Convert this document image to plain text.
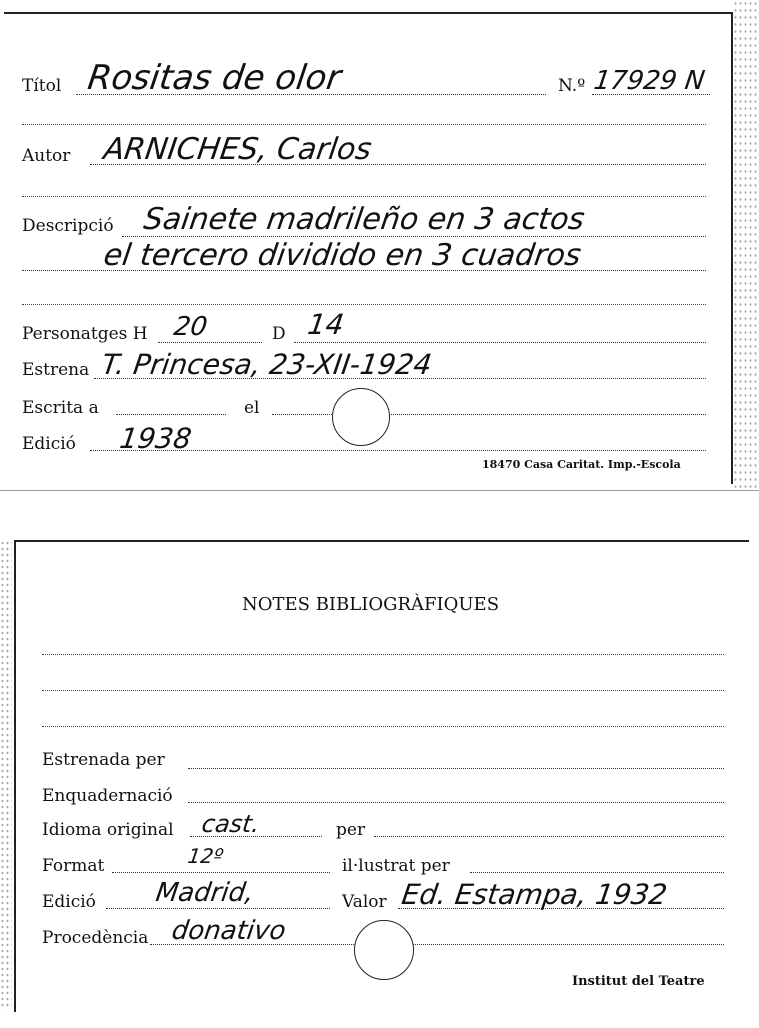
Títol Rositas de olor	N.º 17929 N
Autor ARNICHES, Carlos
Descripció Sainete madrileño en 3 actos
el tercero dividido en 3 cuadros
Personatges H 20	D 14
Estrena T. Princesa, 23-XII-1924
Escrita a	el
Edició 1938
18470 Casa Caritat. Imp.-Escola
NOTES BIBLIOGRÀFIQUES
Estrenada per
Enquadernació
Idioma original cast.	per
Format	12º	il·lustrat per
Edició Madrid,	Valor Ed. Estampa, 1932
Procedència donativo
Institut del Teatre
